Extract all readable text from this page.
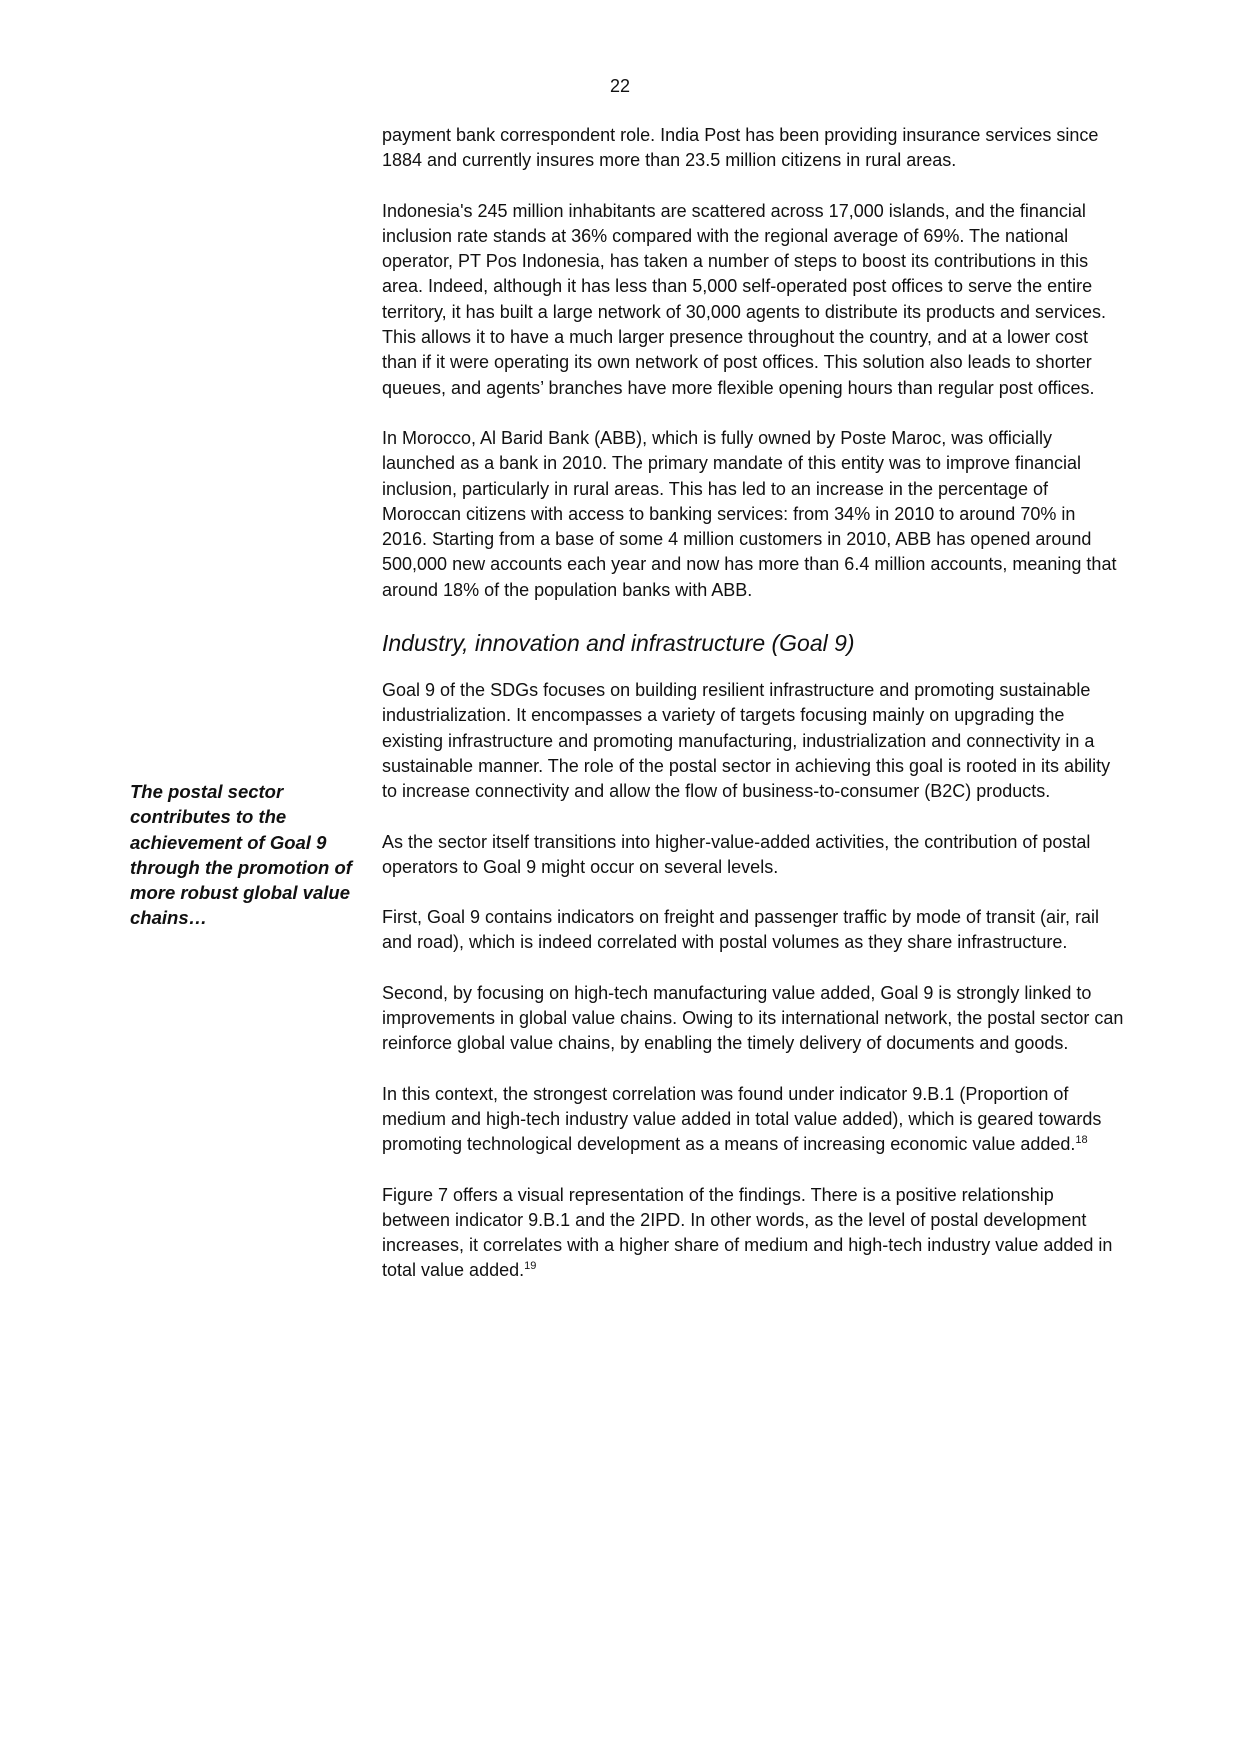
22
The postal sector contributes to the achievement of Goal 9 through the promotion of more robust global value chains…

payment bank correspondent role. India Post has been providing insurance services since 1884 and currently insures more than 23.5 million citizens in rural areas.

Indonesia's 245 million inhabitants are scattered across 17,000 islands, and the financial inclusion rate stands at 36% compared with the regional average of 69%. The national operator, PT Pos Indonesia, has taken a number of steps to boost its contributions in this area. Indeed, although it has less than 5,000 self-operated post offices to serve the entire territory, it has built a large network of 30,000 agents to distribute its products and services. This allows it to have a much larger presence throughout the country, and at a lower cost than if it were operating its own network of post offices. This solution also leads to shorter queues, and agents’ branches have more flexible opening hours than regular post offices.

In Morocco, Al Barid Bank (ABB), which is fully owned by Poste Maroc, was officially launched as a bank in 2010. The primary mandate of this entity was to improve financial inclusion, particularly in rural areas. This has led to an increase in the percentage of Moroccan citizens with access to banking services: from 34% in 2010 to around 70% in 2016. Starting from a base of some 4 million customers in 2010, ABB has opened around 500,000 new accounts each year and now has more than 6.4 million accounts, meaning that around 18% of the population banks with ABB.

Industry, innovation and infrastructure (Goal 9)

Goal 9 of the SDGs focuses on building resilient infrastructure and promoting sustainable industrialization. It encompasses a variety of targets focusing mainly on upgrading the existing infrastructure and promoting manufacturing, industrialization and connectivity in a sustainable manner. The role of the postal sector in achieving this goal is rooted in its ability to increase connectivity and allow the flow of business-to-consumer (B2C) products.

As the sector itself transitions into higher-value-added activities, the contribution of postal operators to Goal 9 might occur on several levels.

First, Goal 9 contains indicators on freight and passenger traffic by mode of transit (air, rail and road), which is indeed correlated with postal volumes as they share infrastructure.

Second, by focusing on high-tech manufacturing value added, Goal 9 is strongly linked to improvements in global value chains. Owing to its international network, the postal sector can reinforce global value chains, by enabling the timely delivery of documents and goods.

In this context, the strongest correlation was found under indicator 9.B.1 (Proportion of medium and high-tech industry value added in total value added), which is geared towards promoting technological development as a means of increasing economic value added.$^{18}$

Figure 7 offers a visual representation of the findings. There is a positive relationship between indicator 9.B.1 and the 2IPD. In other words, as the level of postal development increases, it correlates with a higher share of medium and high-tech industry value added in total value added.$^{19}$
